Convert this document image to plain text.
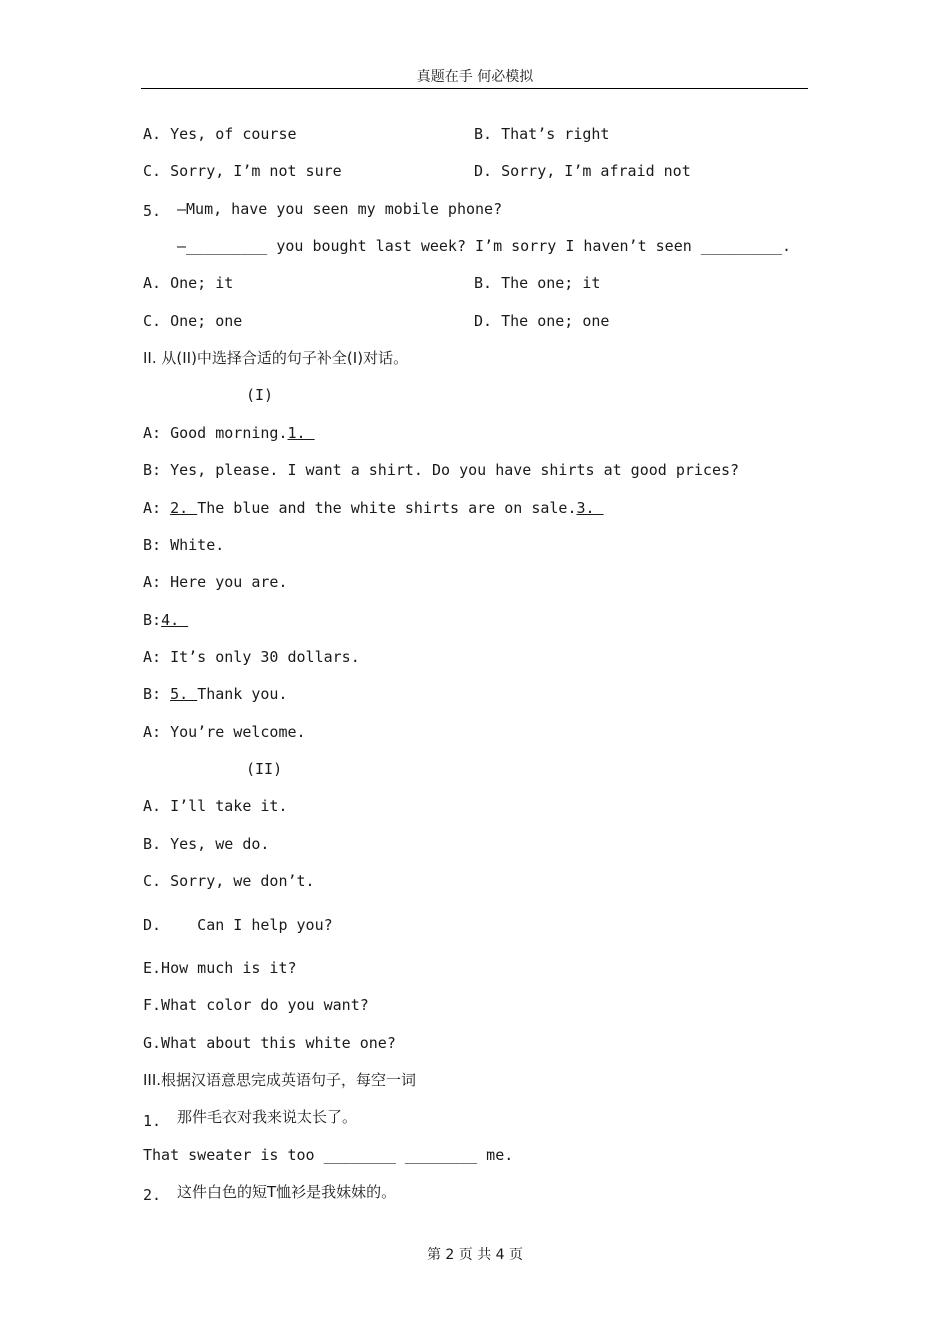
真题在手 何必模拟
A. Yes, of course	B. That’s right
C. Sorry, I’m not sure	D. Sorry, I’m afraid not
5. —Mum, have you seen my mobile phone?
—_________ you bought last week? I’m sorry I haven’t seen _________.
A. One; it	B. The one; it
C. One; one	D. The one; one
II. 从(II)中选择合适的句子补全(I)对话。
(I)
A: Good morning.1.
B: Yes, please. I want a shirt. Do you have shirts at good prices?
A: 2. The blue and the white shirts are on sale.3.
B: White.
A: Here you are.
B:4.
A: It’s only 30 dollars.
B: 5. Thank you.
A: You’re welcome.
(II)
A. I’ll take it.
B. Yes, we do.
C. Sorry, we don’t.
D.    Can I help you?
E.How much is it?
F.What color do you want?
G.What about this white one?
III.根据汉语意思完成英语句子，每空一词
1. 那件毛衣对我来说太长了。
That sweater is too ________ ________ me.
2. 这件白色的短T恤衫是我妹妹的。
第 2 页 共 4 页
